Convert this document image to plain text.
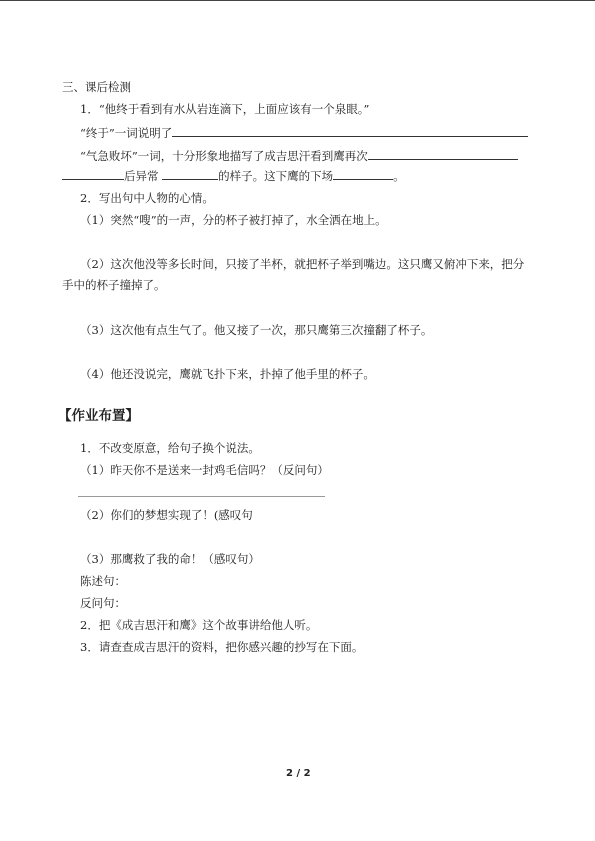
三、课后检测
1．“他终于看到有水从岩连滴下，上面应该有一个泉眼。”
“终于”一词说明了
“气急败坏”一词，十分形象地描写了成吉思汗看到鹰再次
后异常	的样子。这下鹰的下场	。
2．写出句中人物的心情。
（1）突然“嗖”的一声，分的杯子被打掉了，水全洒在地上。
（2）这次他没等多长时间，只接了半杯，就把杯子举到嘴边。这只鹰又俯冲下来，把分
手中的杯子撞掉了。
（3）这次他有点生气了。他又接了一次，那只鹰第三次撞翻了杯子。
（4）他还没说完，鹰就飞扑下来，扑掉了他手里的杯子。
【作业布置】
1．不改变原意，给句子换个说法。
（1）昨天你不是送来一封鸡毛信吗？（反问句）
（2）你们的梦想实现了！(感叹句
（3）那鹰救了我的命！（感叹句）
陈述句：
反问句：
2．把《成吉思汗和鹰》这个故事讲给他人听。
3．请查查成吉思汗的资料，把你感兴趣的抄写在下面。
2 / 2
